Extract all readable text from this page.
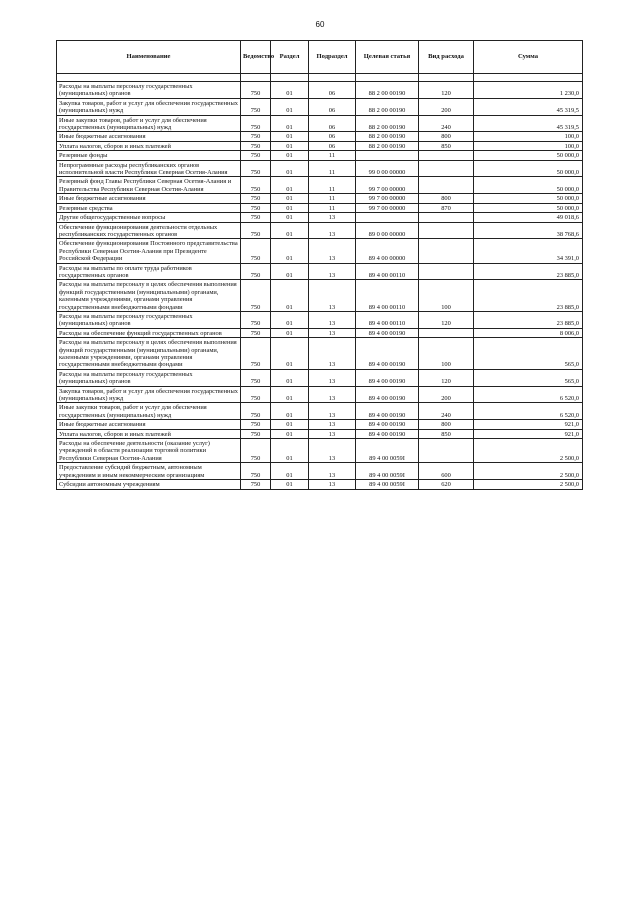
60
Наименование	Ведомство	Раздел	Подраздел	Целевая статья	Вид расхода	Сумма

Расходы на выплаты персоналу государственных (муниципальных) органов	750	01	06	88 2 00 00190	120	1 230,0
Закупка товаров, работ и услуг для обеспечения государственных (муниципальных) нужд	750	01	06	88 2 00 00190	200	45 319,5
Иные закупки товаров, работ и услуг для обеспечения государственных (муниципальных) нужд	750	01	06	88 2 00 00190	240	45 319,5
Иные бюджетные ассигнования	750	01	06	88 2 00 00190	800	100,0
Уплата налогов, сборов и иных платежей	750	01	06	88 2 00 00190	850	100,0
Резервные фонды	750	01	11			50 000,0
Непрограммные расходы республиканских органов исполнительной власти Республики Северная Осетия-Алания	750	01	11	99 0 00 00000		50 000,0
Резервный фонд Главы Республики Северная Осетия-Алания и Правительства Республики Северная Осетия-Алания	750	01	11	99 7 00 00000		50 000,0
Иные бюджетные ассигнования	750	01	11	99 7 00 00000	800	50 000,0
Резервные средства	750	01	11	99 7 00 00000	870	50 000,0
Другие общегосударственные вопросы	750	01	13			49 018,6
Обеспечение функционирования деятельности отдельных республиканских государственных органов	750	01	13	89 0 00 00000		38 768,6
Обеспечение функционирования Постоянного представительства Республики Северная Осетия-Алания при Президенте Российской Федерации	750	01	13	89 4 00 00000		34 391,0
Расходы на выплаты по оплате труда работников государственных органов	750	01	13	89 4 00 00110		23 885,0
Расходы на выплаты персоналу в целях обеспечения выполнения функций государственными (муниципальными) органами, казенными учреждениями, органами управления государственными внебюджетными фондами	750	01	13	89 4 00 00110	100	23 885,0
Расходы на выплаты персоналу государственных (муниципальных) органов	750	01	13	89 4 00 00110	120	23 885,0
Расходы на обеспечение функций государственных органов	750	01	13	89 4 00 00190		8 006,0
Расходы на выплаты персоналу в целях обеспечения выполнения функций государственными (муниципальными) органами, казенными учреждениями, органами управления государственными внебюджетными фондами	750	01	13	89 4 00 00190	100	565,0
Расходы на выплаты персоналу государственных (муниципальных) органов	750	01	13	89 4 00 00190	120	565,0
Закупка товаров, работ и услуг для обеспечения государственных (муниципальных) нужд	750	01	13	89 4 00 00190	200	6 520,0
Иные закупки товаров, работ и услуг для обеспечения государственных (муниципальных) нужд	750	01	13	89 4 00 00190	240	6 520,0
Иные бюджетные ассигнования	750	01	13	89 4 00 00190	800	921,0
Уплата налогов, сборов и иных платежей	750	01	13	89 4 00 00190	850	921,0
Расходы на обеспечение деятельности (оказание услуг) учреждений в области реализации торговой политики Республики Северная Осетия-Алания	750	01	13	89 4 00 0059I		2 500,0
Предоставление субсидий бюджетным, автономным учреждениям и иным некоммерческим организациям	750	01	13	89 4 00 0059I	600	2 500,0
Субсидии автономным учреждениям	750	01	13	89 4 00 0059I	620	2 500,0
